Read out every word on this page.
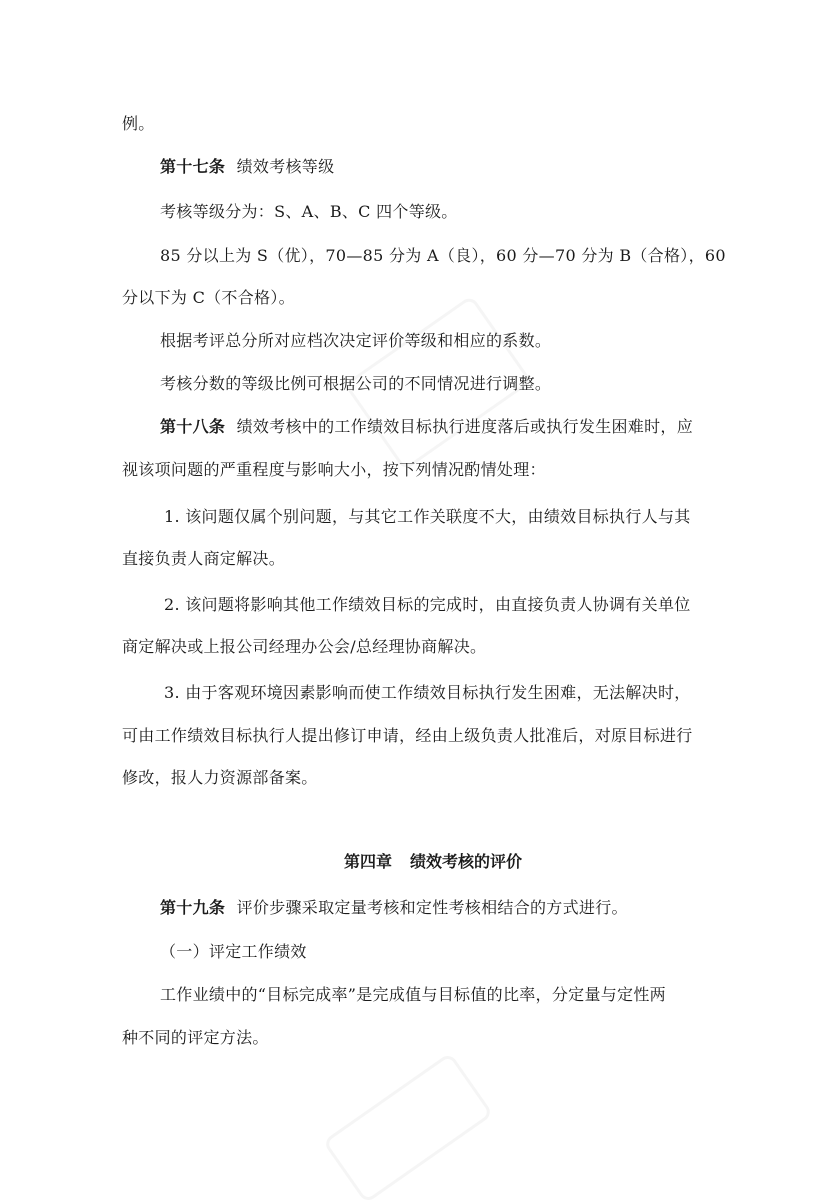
例。
第十七条 绩效考核等级
考核等级分为：S、A、B、C 四个等级。
85 分以上为 S（优），70—85 分为 A（良），60 分—70 分为 B（合格），60
分以下为 C（不合格）。
根据考评总分所对应档次决定评价等级和相应的系数。
考核分数的等级比例可根据公司的不同情况进行调整。
第十八条 绩效考核中的工作绩效目标执行进度落后或执行发生困难时，应
视该项问题的严重程度与影响大小，按下列情况酌情处理：
1. 该问题仅属个别问题，与其它工作关联度不大，由绩效目标执行人与其
直接负责人商定解决。
2. 该问题将影响其他工作绩效目标的完成时，由直接负责人协调有关单位
商定解决或上报公司经理办公会/总经理协商解决。
3. 由于客观环境因素影响而使工作绩效目标执行发生困难，无法解决时，
可由工作绩效目标执行人提出修订申请，经由上级负责人批准后，对原目标进行
修改，报人力资源部备案。
第四章 绩效考核的评价
第十九条 评价步骤采取定量考核和定性考核相结合的方式进行。
（一）评定工作绩效
工作业绩中的“目标完成率”是完成值与目标值的比率，分定量与定性两
种不同的评定方法。
